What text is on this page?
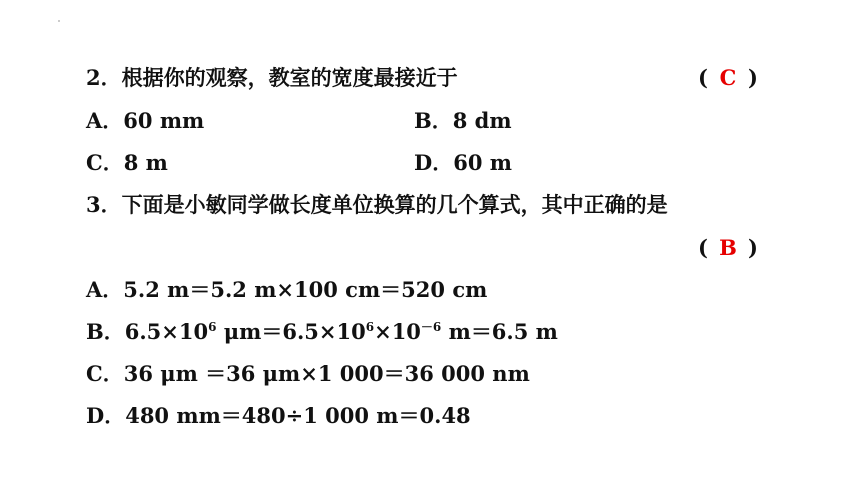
2．根据你的观察，教室的宽度最接近于	( C )
A．60 mm	B．8 dm
C．8 m	D．60 m
3．下面是小敏同学做长度单位换算的几个算式，其中正确的是
( B )
A．5.2 m＝5.2 m×100 cm＝520 cm
B．$6.5\times 10^6$ $\mu m=6.5\times 10^6\times 10^{-6}$ m＝6.5 m
C．36 μm ＝36 μm×1 000＝36 000 nm
D．480 mm＝480÷1 000 m＝0.48
